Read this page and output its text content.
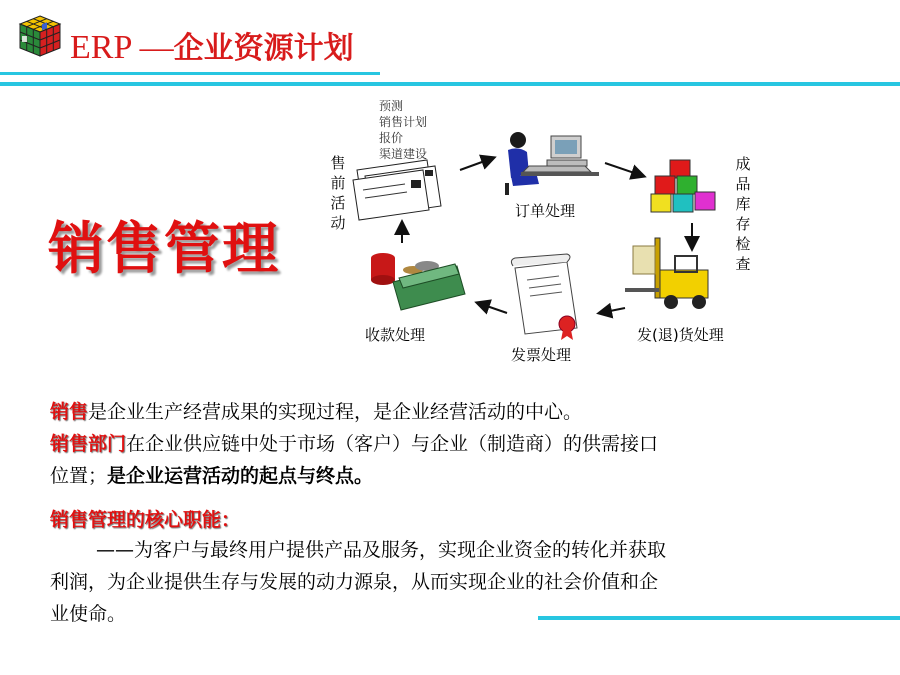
ERP —企业资源计划
销售管理
售前活动
预测
销售计划
报价
渠道建设
订单处理
成品库存检查
发(退)货处理
发票处理
收款处理
销售是企业生产经营成果的实现过程，是企业经营活动的中心。
销售部门在企业供应链中处于市场（客户）与企业（制造商）的供需接口
位置；是企业运营活动的起点与终点。
销售管理的核心职能：
——为客户与最终用户提供产品及服务，实现企业资金的转化并获取
利润，为企业提供生存与发展的动力源泉，从而实现企业的社会价值和企
业使命。
